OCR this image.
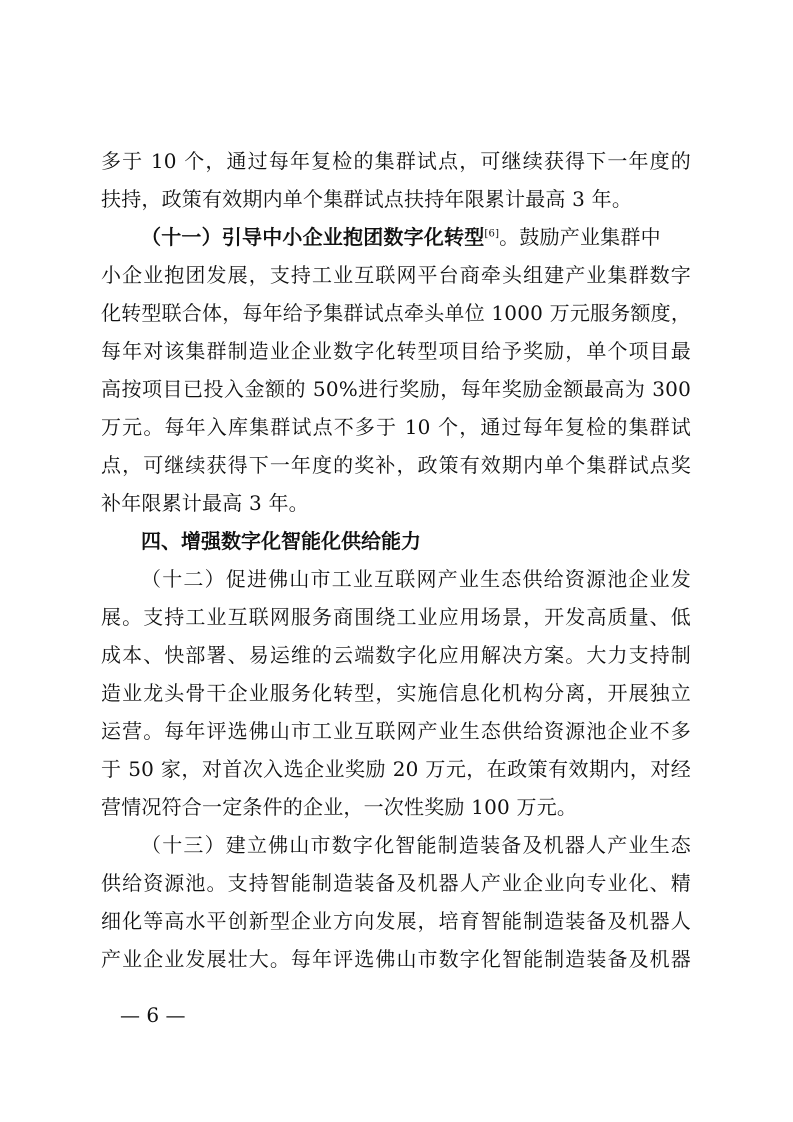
多于 10 个，通过每年复检的集群试点，可继续获得下一年度的
扶持，政策有效期内单个集群试点扶持年限累计最高 3 年。
（十一）引导中小企业抱团数字化转型[6]。鼓励产业集群中
小企业抱团发展，支持工业互联网平台商牵头组建产业集群数字
化转型联合体，每年给予集群试点牵头单位 1000 万元服务额度，
每年对该集群制造业企业数字化转型项目给予奖励，单个项目最
高按项目已投入金额的 50%进行奖励，每年奖励金额最高为 300
万元。每年入库集群试点不多于 10 个，通过每年复检的集群试
点，可继续获得下一年度的奖补，政策有效期内单个集群试点奖
补年限累计最高 3 年。
四、增强数字化智能化供给能力
（十二）促进佛山市工业互联网产业生态供给资源池企业发
展。支持工业互联网服务商围绕工业应用场景，开发高质量、低
成本、快部署、易运维的云端数字化应用解决方案。大力支持制
造业龙头骨干企业服务化转型，实施信息化机构分离，开展独立
运营。每年评选佛山市工业互联网产业生态供给资源池企业不多
于 50 家，对首次入选企业奖励 20 万元，在政策有效期内，对经
营情况符合一定条件的企业，一次性奖励 100 万元。
（十三）建立佛山市数字化智能制造装备及机器人产业生态
供给资源池。支持智能制造装备及机器人产业企业向专业化、精
细化等高水平创新型企业方向发展，培育智能制造装备及机器人
产业企业发展壮大。每年评选佛山市数字化智能制造装备及机器
— 6 —
